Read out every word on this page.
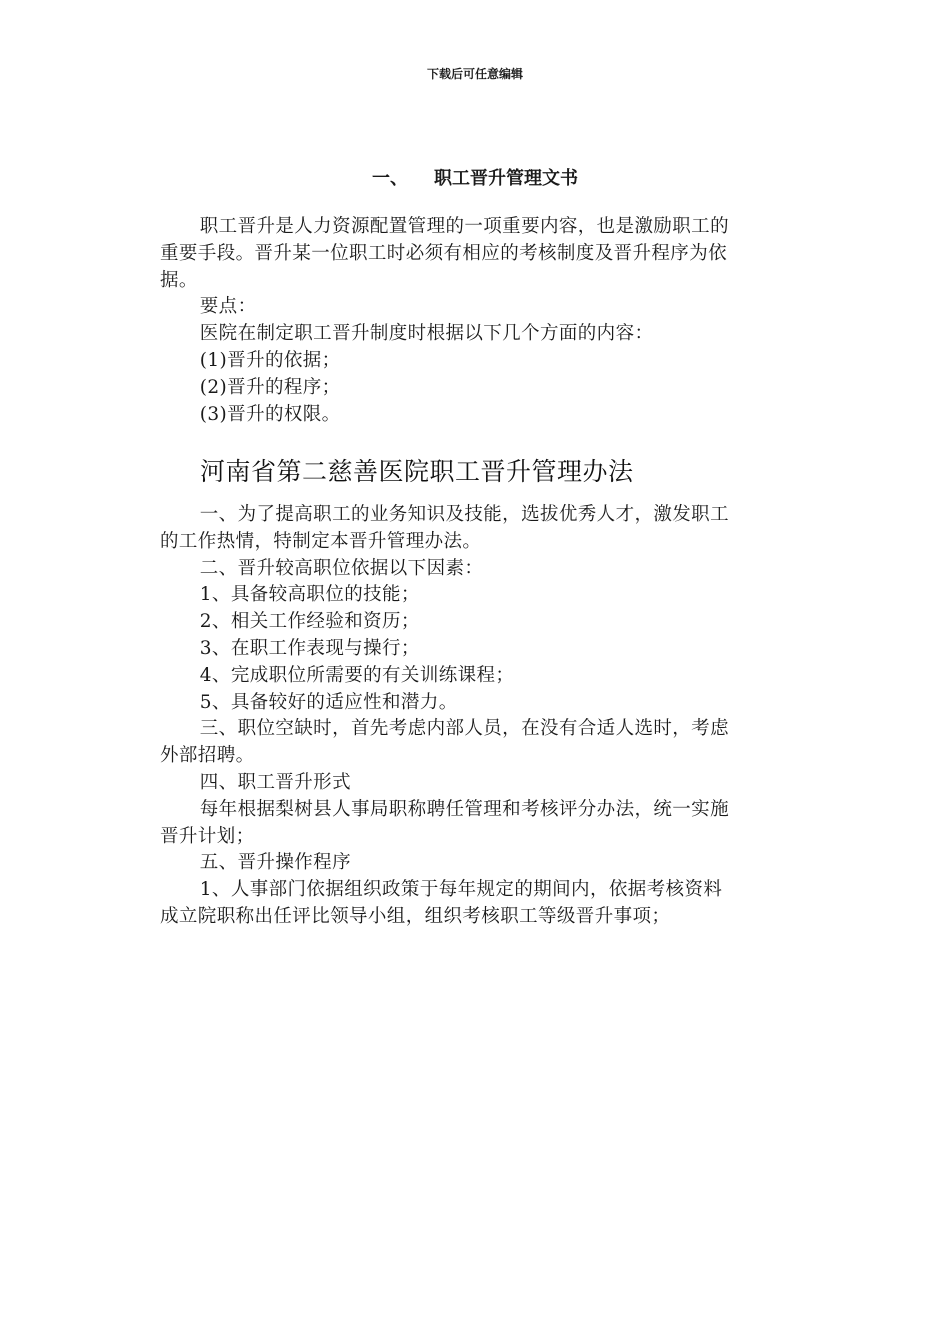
下载后可任意编辑
一、 职工晋升管理文书

职工晋升是人力资源配置管理的一项重要内容，也是激励职工的重要手段。晋升某一位职工时必须有相应的考核制度及晋升程序为依据。

要点：

医院在制定职工晋升制度时根据以下几个方面的内容：

(1)晋升的依据；

(2)晋升的程序；

(3)晋升的权限。

河南省第二慈善医院职工晋升管理办法

一、为了提高职工的业务知识及技能，选拔优秀人才，激发职工的工作热情，特制定本晋升管理办法。

二、晋升较高职位依据以下因素：

1、具备较高职位的技能；

2、相关工作经验和资历；

3、在职工作表现与操行；

4、完成职位所需要的有关训练课程；

5、具备较好的适应性和潜力。

三、职位空缺时，首先考虑内部人员，在没有合适人选时，考虑外部招聘。

四、职工晋升形式

每年根据梨树县人事局职称聘任管理和考核评分办法，统一实施晋升计划；

五、晋升操作程序

1、人事部门依据组织政策于每年规定的期间内，依据考核资料成立院职称出任评比领导小组，组织考核职工等级晋升事项；
